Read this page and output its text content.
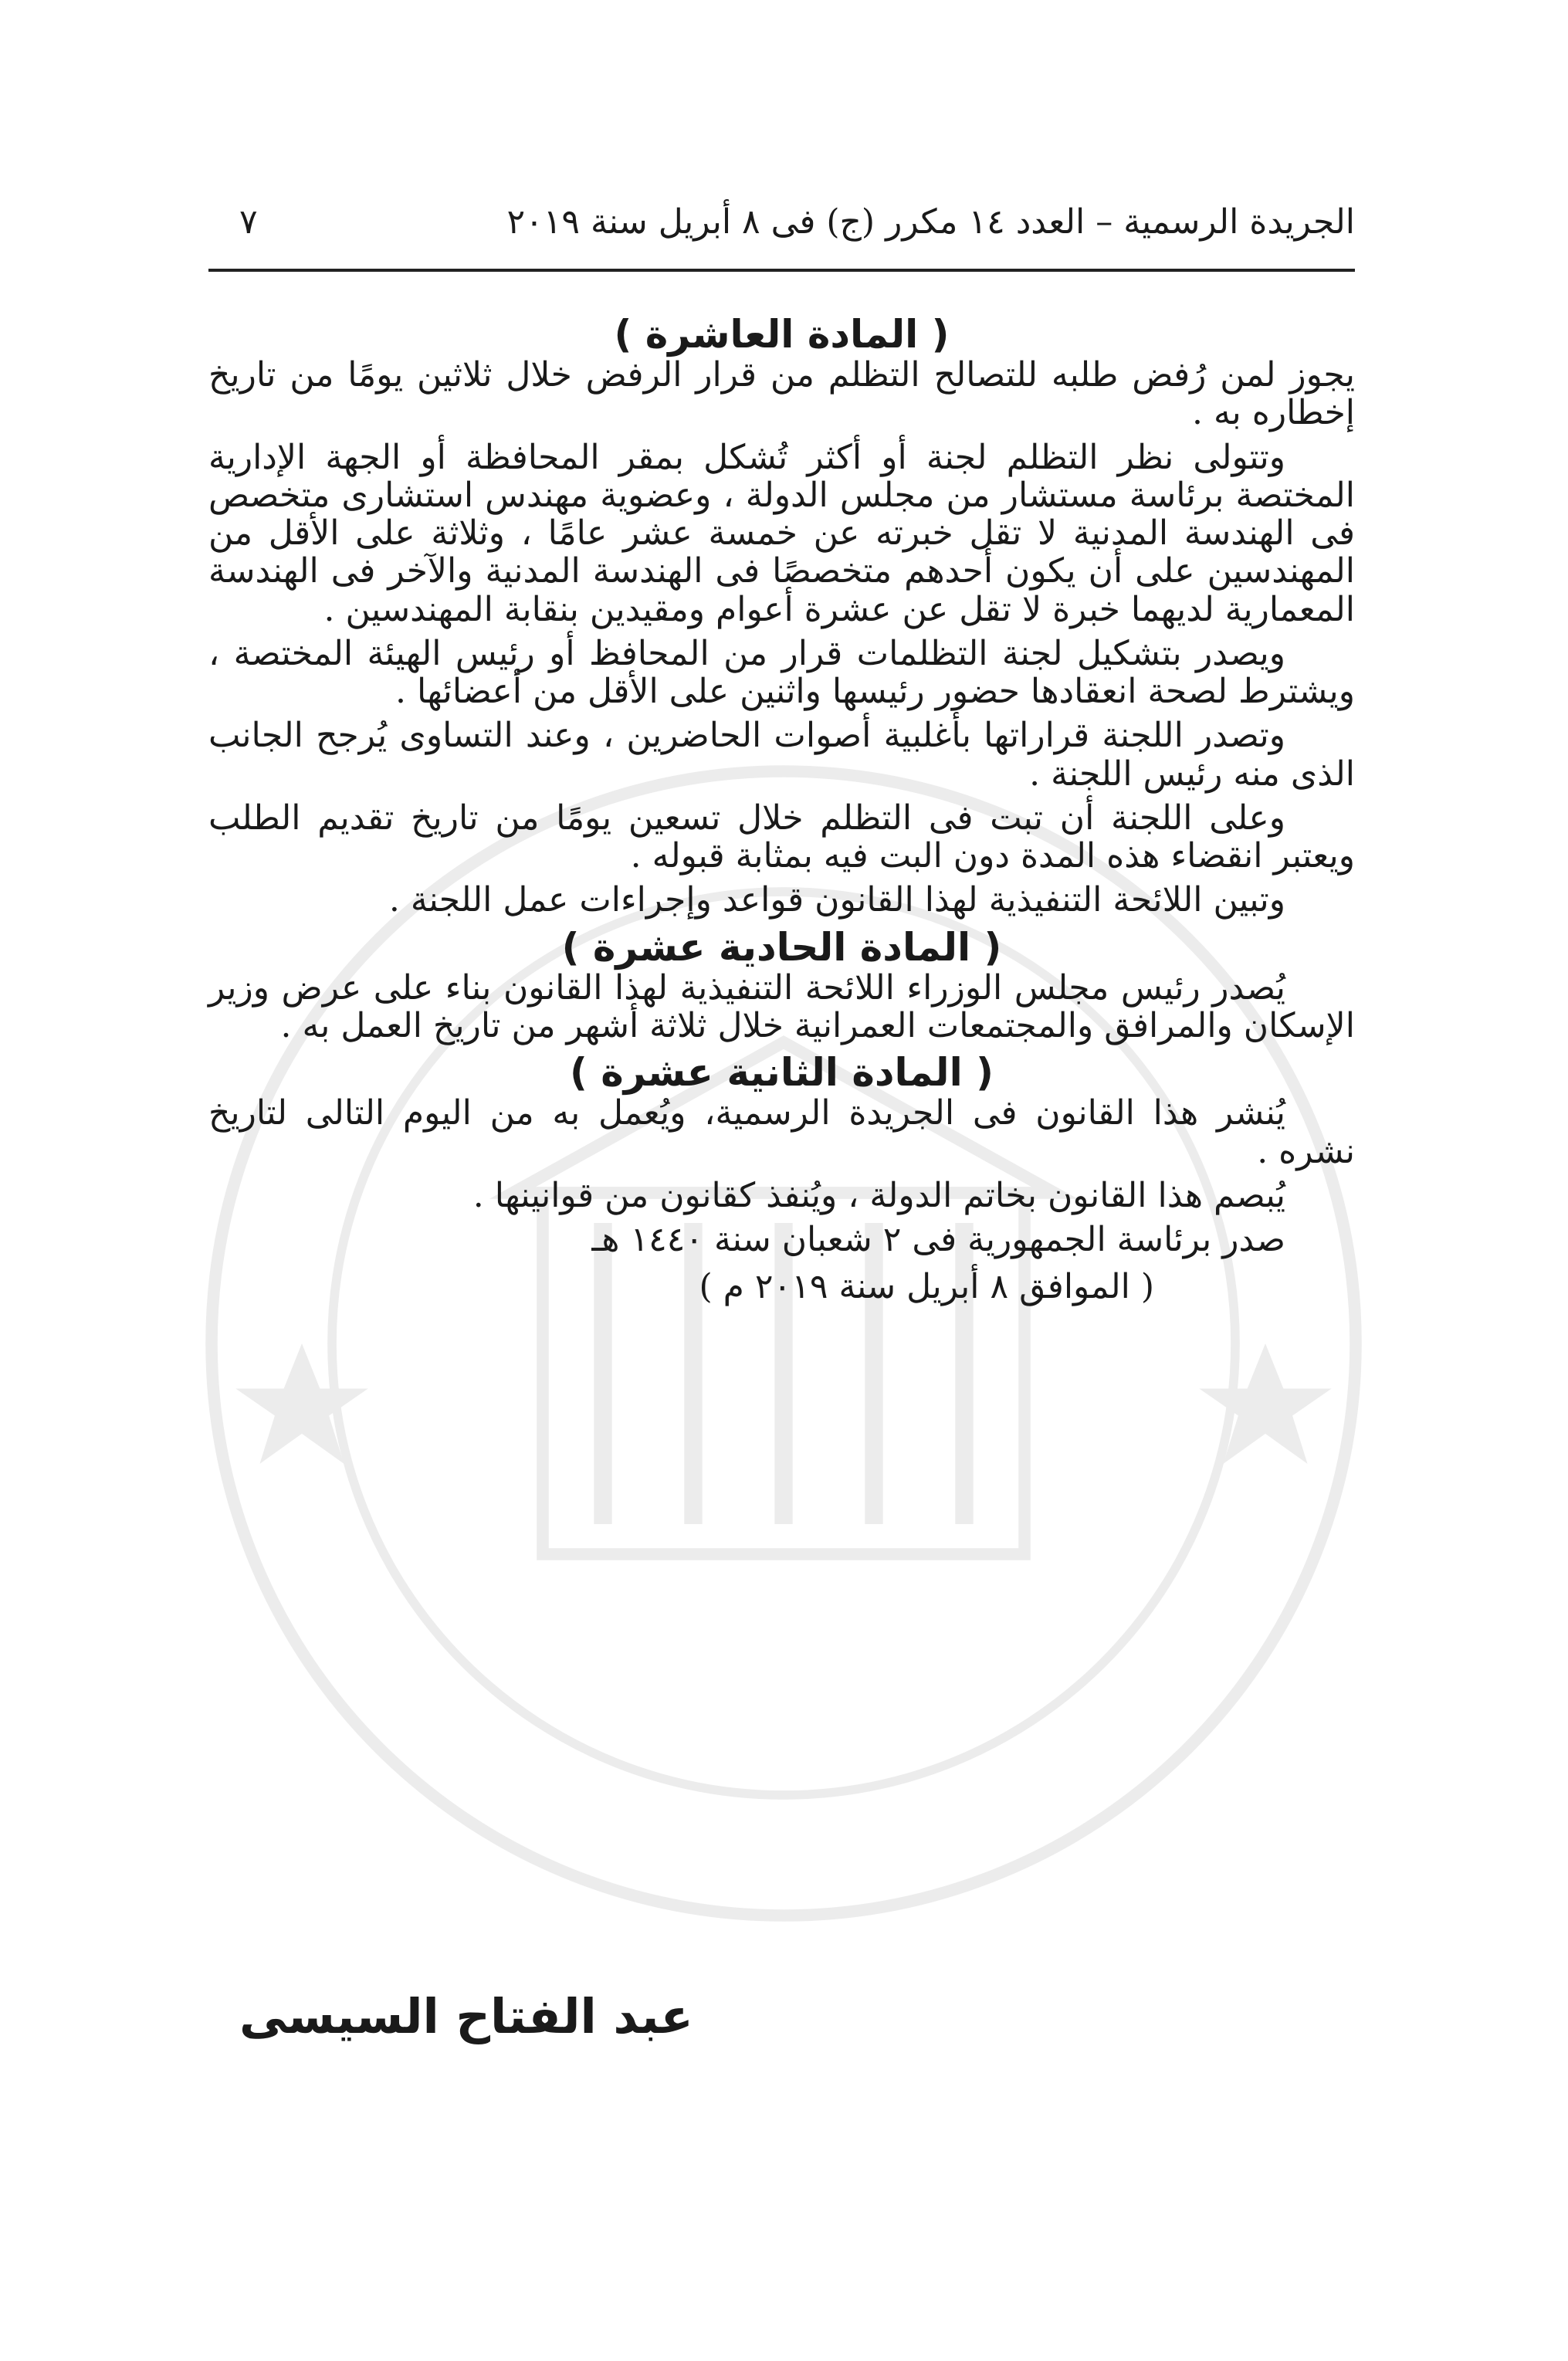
الجريدة الرسمية – العدد ١٤ مكرر (ج) فى ٨ أبريل سنة ٢٠١٩
٧

( المادة العاشرة )

يجوز لمن رُفض طلبه للتصالح التظلم من قرار الرفض خلال ثلاثين يومًا من تاريخ إخطاره به .

وتتولى نظر التظلم لجنة أو أكثر تُشكل بمقر المحافظة أو الجهة الإدارية المختصة برئاسة مستشار من مجلس الدولة ، وعضوية مهندس استشارى متخصص فى الهندسة المدنية لا تقل خبرته عن خمسة عشر عامًا ، وثلاثة على الأقل من المهندسين على أن يكون أحدهم متخصصًا فى الهندسة المدنية والآخر فى الهندسة المعمارية لديهما خبرة لا تقل عن عشرة أعوام ومقيدين بنقابة المهندسين .

ويصدر بتشكيل لجنة التظلمات قرار من المحافظ أو رئيس الهيئة المختصة ، ويشترط لصحة انعقادها حضور رئيسها واثنين على الأقل من أعضائها .

وتصدر اللجنة قراراتها بأغلبية أصوات الحاضرين ، وعند التساوى يُرجح الجانب الذى منه رئيس اللجنة .

وعلى اللجنة أن تبت فى التظلم خلال تسعين يومًا من تاريخ تقديم الطلب ويعتبر انقضاء هذه المدة دون البت فيه بمثابة قبوله .

وتبين اللائحة التنفيذية لهذا القانون قواعد وإجراءات عمل اللجنة .

( المادة الحادية عشرة )

يُصدر رئيس مجلس الوزراء اللائحة التنفيذية لهذا القانون بناء على عرض وزير الإسكان والمرافق والمجتمعات العمرانية خلال ثلاثة أشهر من تاريخ العمل به .

( المادة الثانية عشرة )

يُنشر هذا القانون فى الجريدة الرسمية، ويُعمل به من اليوم التالى لتاريخ نشره .

يُبصم هذا القانون بخاتم الدولة ، ويُنفذ كقانون من قوانينها .

صدر برئاسة الجمهورية فى ٢ شعبان سنة ١٤٤٠ هـ

( الموافق ٨ أبريل سنة ٢٠١٩ م )

عبد الفتاح السيسى
